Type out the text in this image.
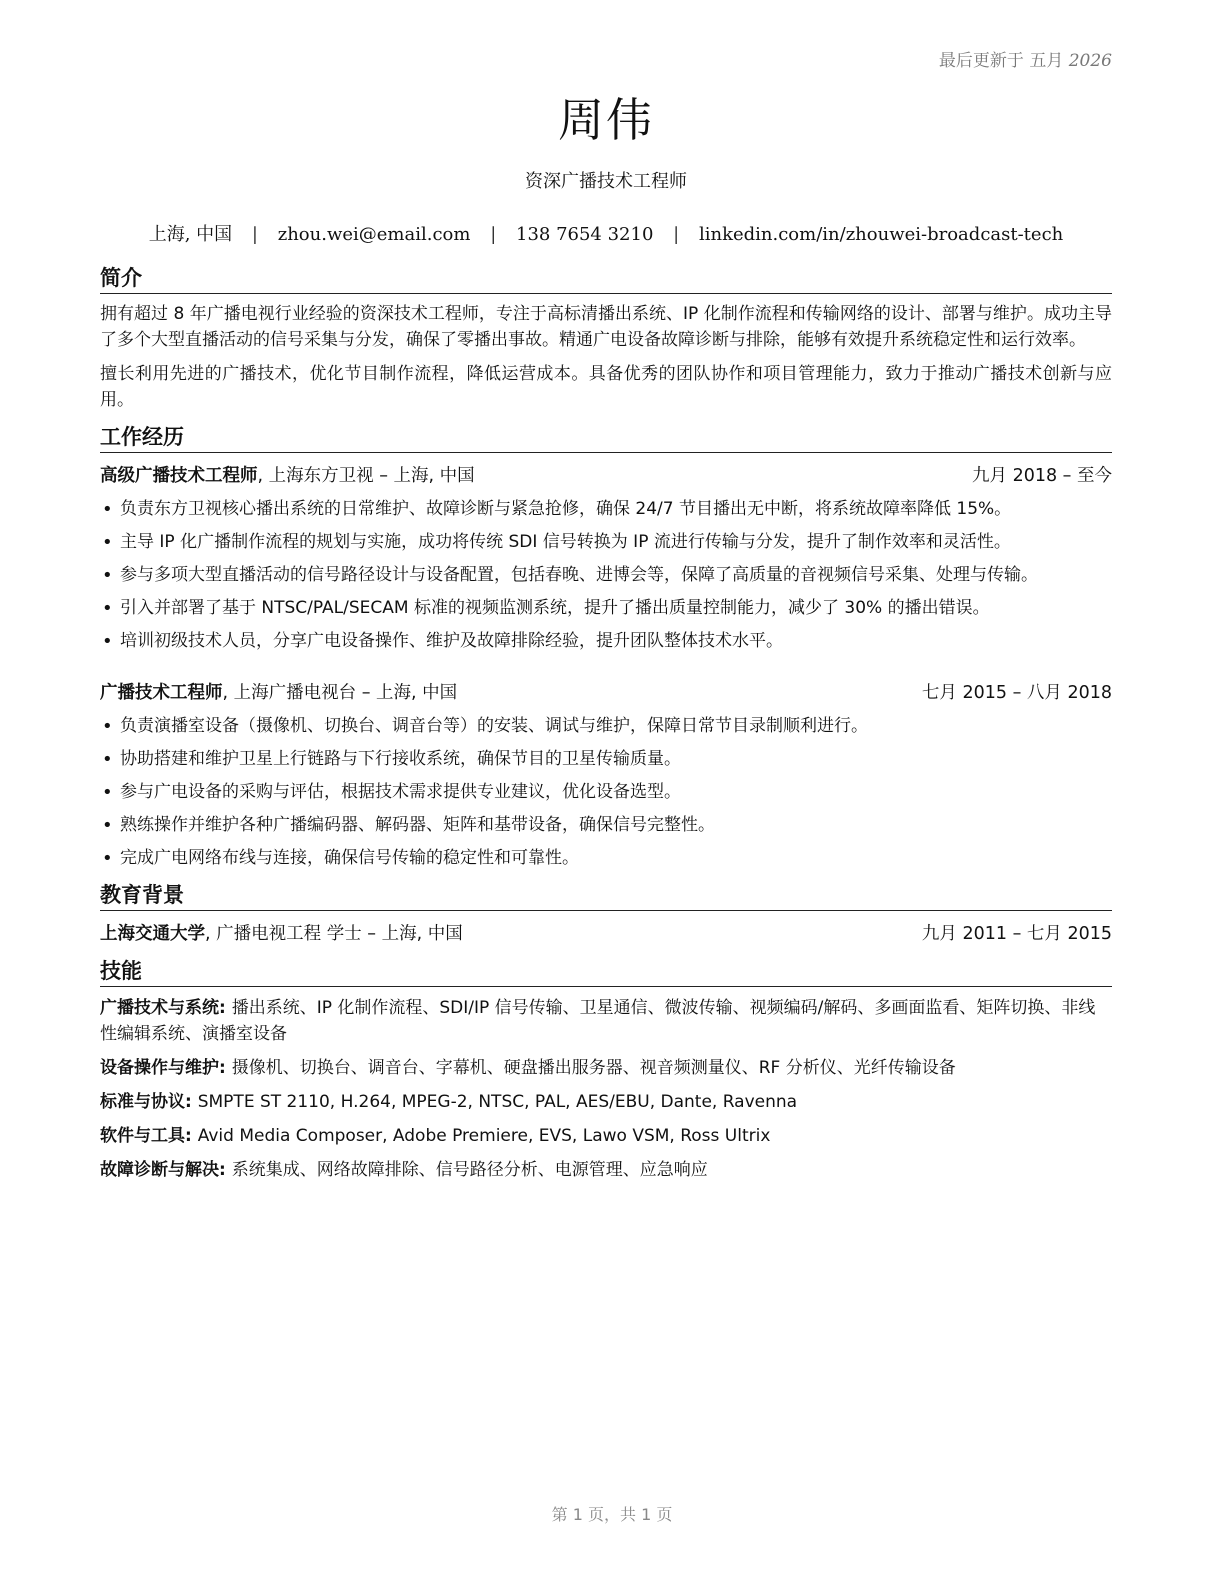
最后更新于 五月 2026
周伟
资深广播技术工程师
上海, 中国 | zhou.wei@email.com | 138 7654 3210 | linkedin.com/in/zhouwei-broadcast-tech
简介

拥有超过 8 年广播电视行业经验的资深技术工程师，专注于高标清播出系统、IP 化制作流程和传输网络的设计、部署与维护。成功主导了多个大型直播活动的信号采集与分发，确保了零播出事故。精通广电设备故障诊断与排除，能够有效提升系统稳定性和运行效率。

擅长利用先进的广播技术，优化节目制作流程，降低运营成本。具备优秀的团队协作和项目管理能力，致力于推动广播技术创新与应用。

工作经历
高级广播技术工程师, 上海东方卫视 – 上海, 中国	九月 2018 – 至今
• 负责东方卫视核心播出系统的日常维护、故障诊断与紧急抢修，确保 24/7 节目播出无中断，将系统故障率降低 15%。
• 主导 IP 化广播制作流程的规划与实施，成功将传统 SDI 信号转换为 IP 流进行传输与分发，提升了制作效率和灵活性。
• 参与多项大型直播活动的信号路径设计与设备配置，包括春晚、进博会等，保障了高质量的音视频信号采集、处理与传输。
• 引入并部署了基于 NTSC/PAL/SECAM 标准的视频监测系统，提升了播出质量控制能力，减少了 30% 的播出错误。
• 培训初级技术人员，分享广电设备操作、维护及故障排除经验，提升团队整体技术水平。
广播技术工程师, 上海广播电视台 – 上海, 中国	七月 2015 – 八月 2018
• 负责演播室设备（摄像机、切换台、调音台等）的安装、调试与维护，保障日常节目录制顺利进行。
• 协助搭建和维护卫星上行链路与下行接收系统，确保节目的卫星传输质量。
• 参与广电设备的采购与评估，根据技术需求提供专业建议，优化设备选型。
• 熟练操作并维护各种广播编码器、解码器、矩阵和基带设备，确保信号完整性。
• 完成广电网络布线与连接，确保信号传输的稳定性和可靠性。
教育背景
上海交通大学, 广播电视工程 学士 – 上海, 中国	九月 2011 – 七月 2015
技能
广播技术与系统: 播出系统、IP 化制作流程、SDI/IP 信号传输、卫星通信、微波传输、视频编码/解码、多画面监看、矩阵切换、非线性编辑系统、演播室设备
设备操作与维护: 摄像机、切换台、调音台、字幕机、硬盘播出服务器、视音频测量仪、RF 分析仪、光纤传输设备
标准与协议: SMPTE ST 2110, H.264, MPEG-2, NTSC, PAL, AES/EBU, Dante, Ravenna
软件与工具: Avid Media Composer, Adobe Premiere, EVS, Lawo VSM, Ross Ultrix
故障诊断与解决: 系统集成、网络故障排除、信号路径分析、电源管理、应急响应
第 1 页，共 1 页
